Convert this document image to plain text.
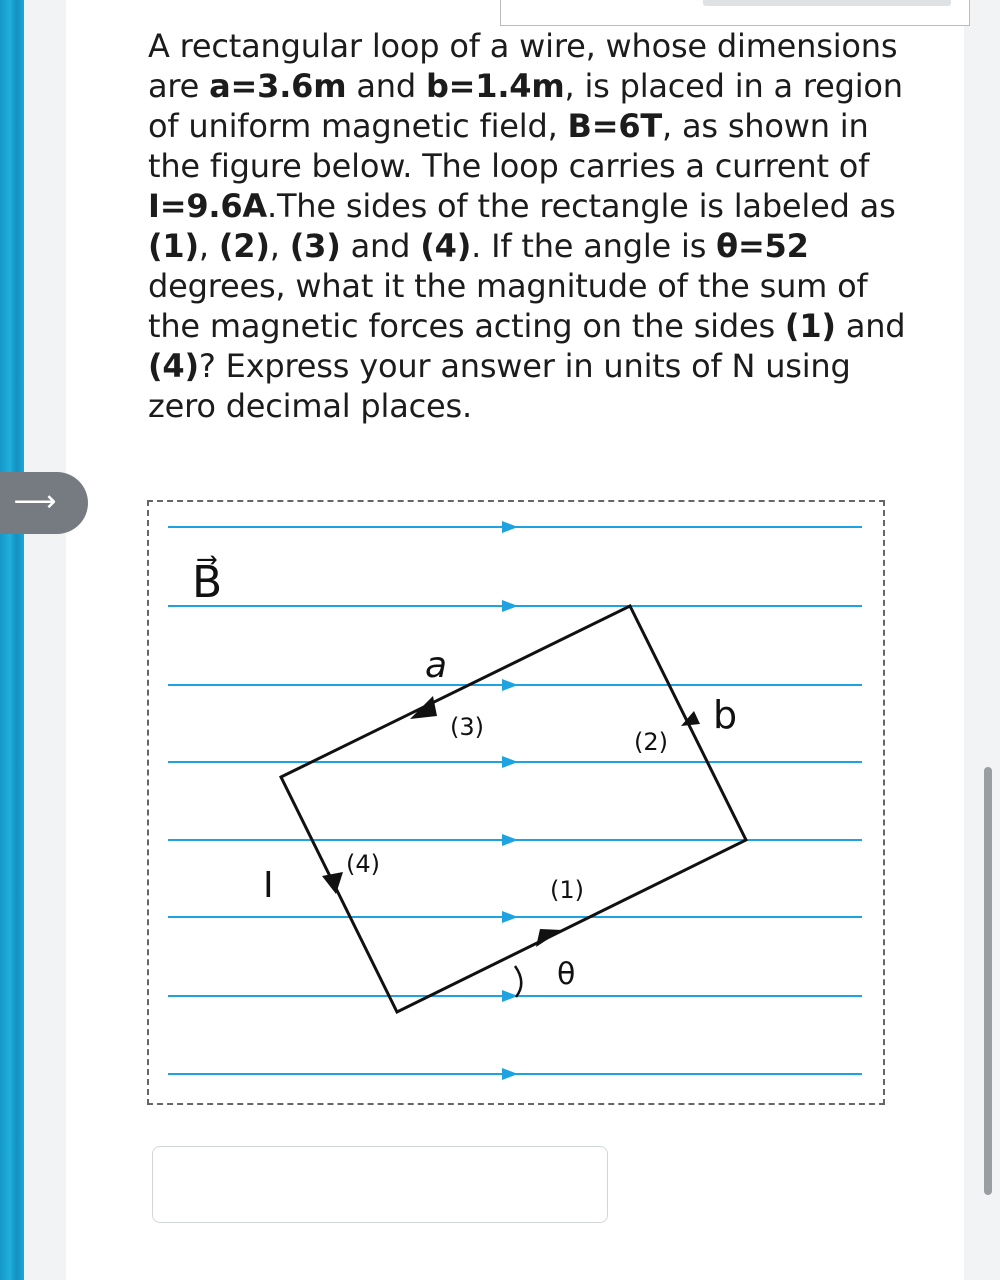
A rectangular loop of a wire, whose dimensions are a=3.6m and b=1.4m, is placed in a region of uniform magnetic field, B=6T, as shown in the figure below. The loop carries a current of I=9.6A.The sides of the rectangle is labeled as (1), (2), (3) and (4). If the angle is θ=52 degrees, what it the magnitude of the sum of the magnetic forces acting on the sides (1) and (4)? Express your answer in units of N using zero decimal places.

⟶
B⃗
a
b
I
θ
(1)
(2)
(3)
(4)
